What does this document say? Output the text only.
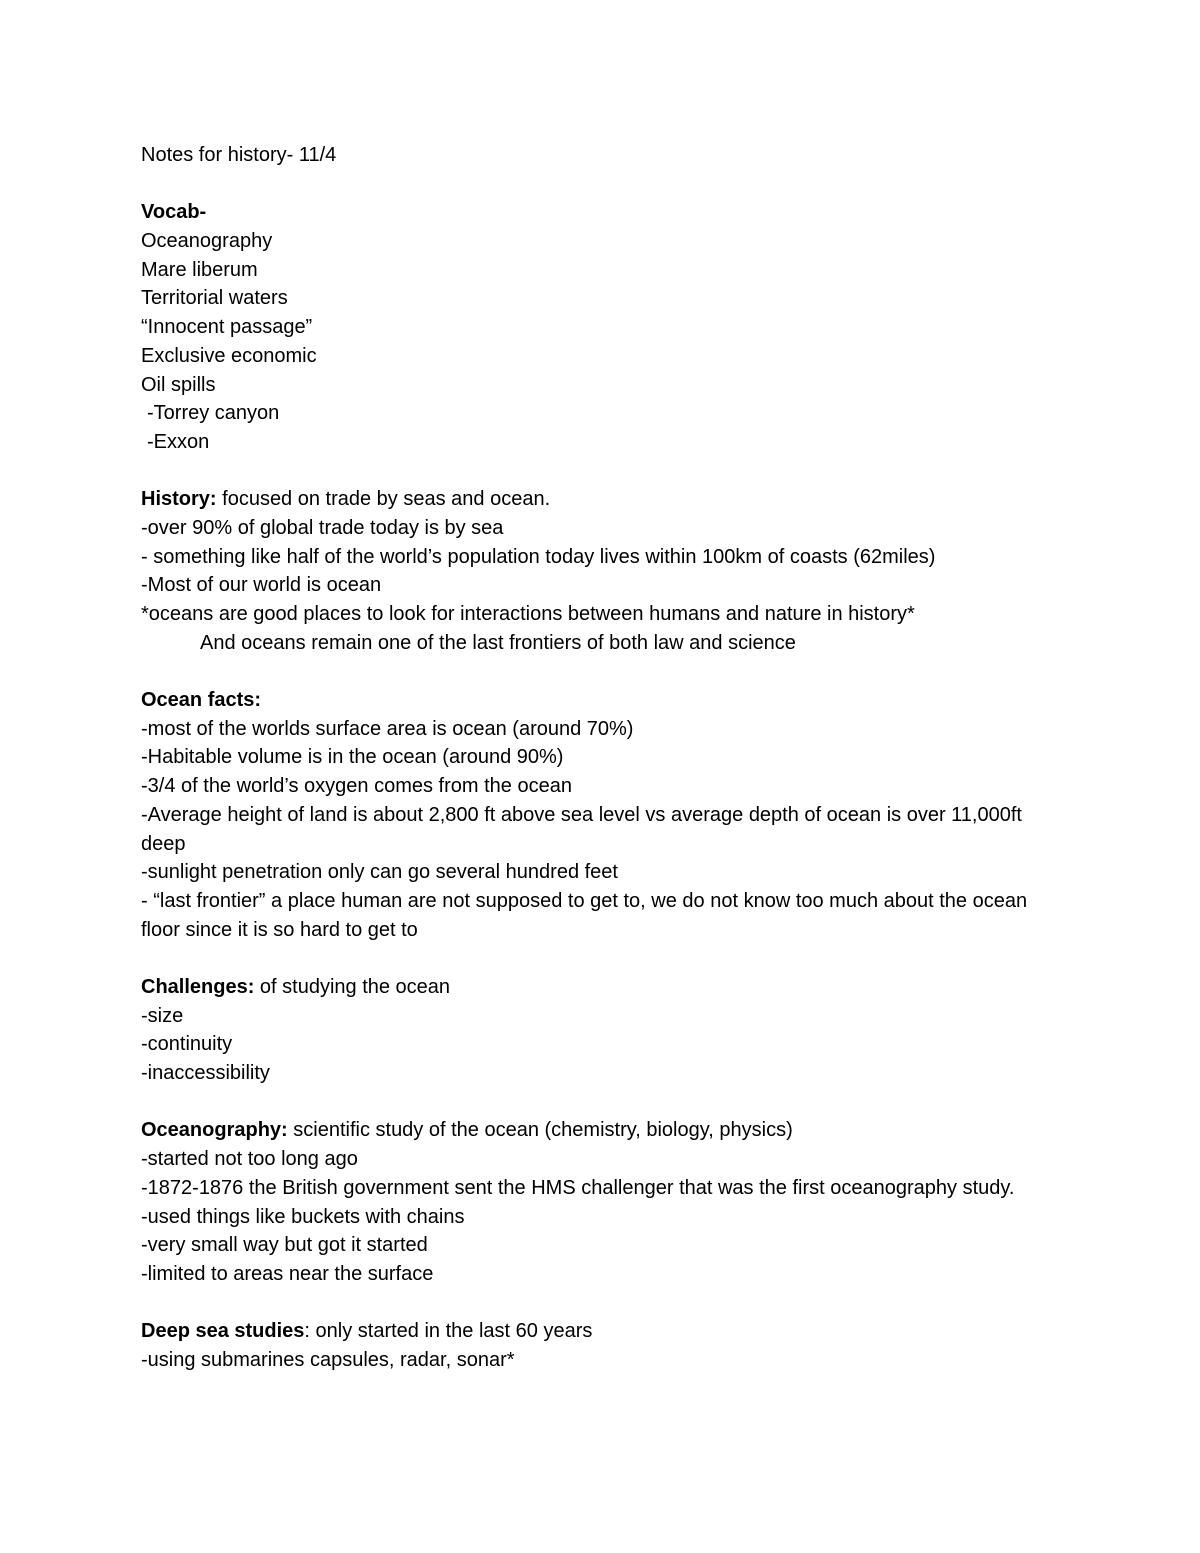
Notes for history- 11/4

Vocab-

Oceanography

Mare liberum

Territorial waters

“Innocent passage”

Exclusive economic

Oil spills

-Torrey canyon

-Exxon

History: focused on trade by seas and ocean.

-over 90% of global trade today is by sea

- something like half of the world’s population today lives within 100km of coasts (62miles)

-Most of our world is ocean

*oceans are good places to look for interactions between humans and nature in history*

And oceans remain one of the last frontiers of both law and science

Ocean facts:

-most of the worlds surface area is ocean (around 70%)

-Habitable volume is in the ocean (around 90%)

-3/4 of the world’s oxygen comes from the ocean

-Average height of land is about 2,800 ft above sea level vs average depth of ocean is over 11,000ft deep

-sunlight penetration only can go several hundred feet

- “last frontier” a place human are not supposed to get to, we do not know too much about the ocean floor since it is so hard to get to

Challenges: of studying the ocean

-size

-continuity

-inaccessibility

Oceanography: scientific study of the ocean (chemistry, biology, physics)

-started not too long ago

-1872-1876 the British government sent the HMS challenger that was the first oceanography study.

-used things like buckets with chains

-very small way but got it started

-limited to areas near the surface

Deep sea studies: only started in the last 60 years

-using submarines capsules, radar, sonar*
